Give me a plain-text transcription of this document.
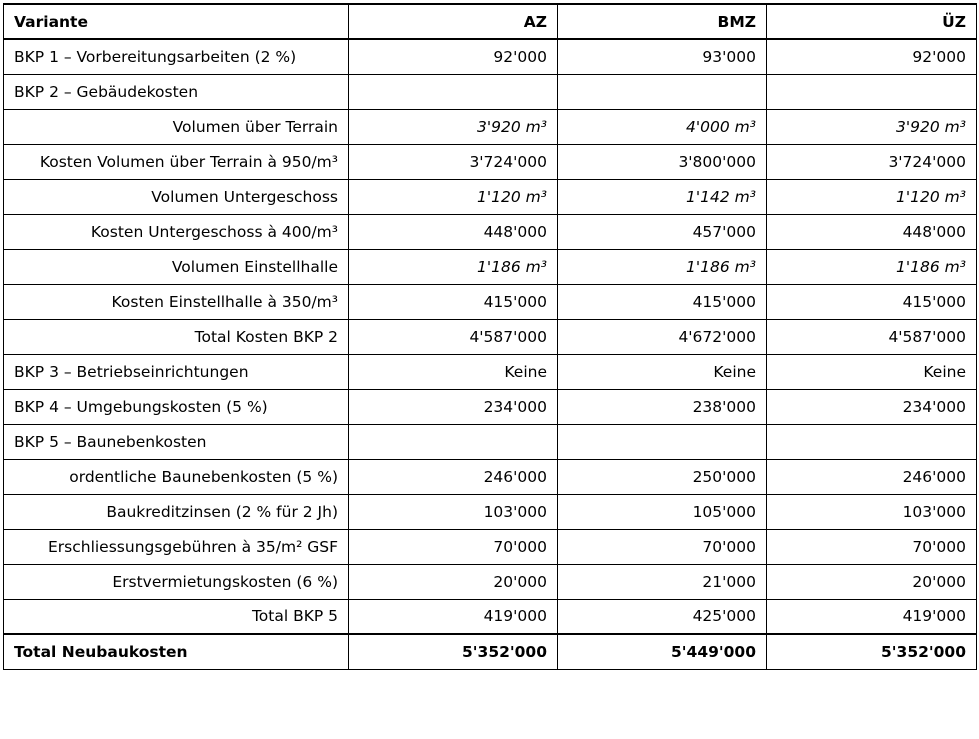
Variante	AZ	BMZ	ÜZ
BKP 1 – Vorbereitungsarbeiten (2 %)	92'000	93'000	92'000
BKP 2 – Gebäudekosten			
Volumen über Terrain	3'920 m³	4'000 m³	3'920 m³
Kosten Volumen über Terrain à 950/m³	3'724'000	3'800'000	3'724'000
Volumen Untergeschoss	1'120 m³	1'142 m³	1'120 m³
Kosten Untergeschoss à 400/m³	448'000	457'000	448'000
Volumen Einstellhalle	1'186 m³	1'186 m³	1'186 m³
Kosten Einstellhalle à 350/m³	415'000	415'000	415'000
Total Kosten BKP 2	4'587'000	4'672'000	4'587'000
BKP 3 – Betriebseinrichtungen	Keine	Keine	Keine
BKP 4 – Umgebungskosten (5 %)	234'000	238'000	234'000
BKP 5 – Baunebenkosten			
ordentliche Baunebenkosten (5 %)	246'000	250'000	246'000
Baukreditzinsen (2 % für 2 Jh)	103'000	105'000	103'000
Erschliessungsgebühren à 35/m² GSF	70'000	70'000	70'000
Erstvermietungskosten (6 %)	20'000	21'000	20'000
Total BKP 5	419'000	425'000	419'000
Total Neubaukosten	5'352'000	5'449'000	5'352'000
